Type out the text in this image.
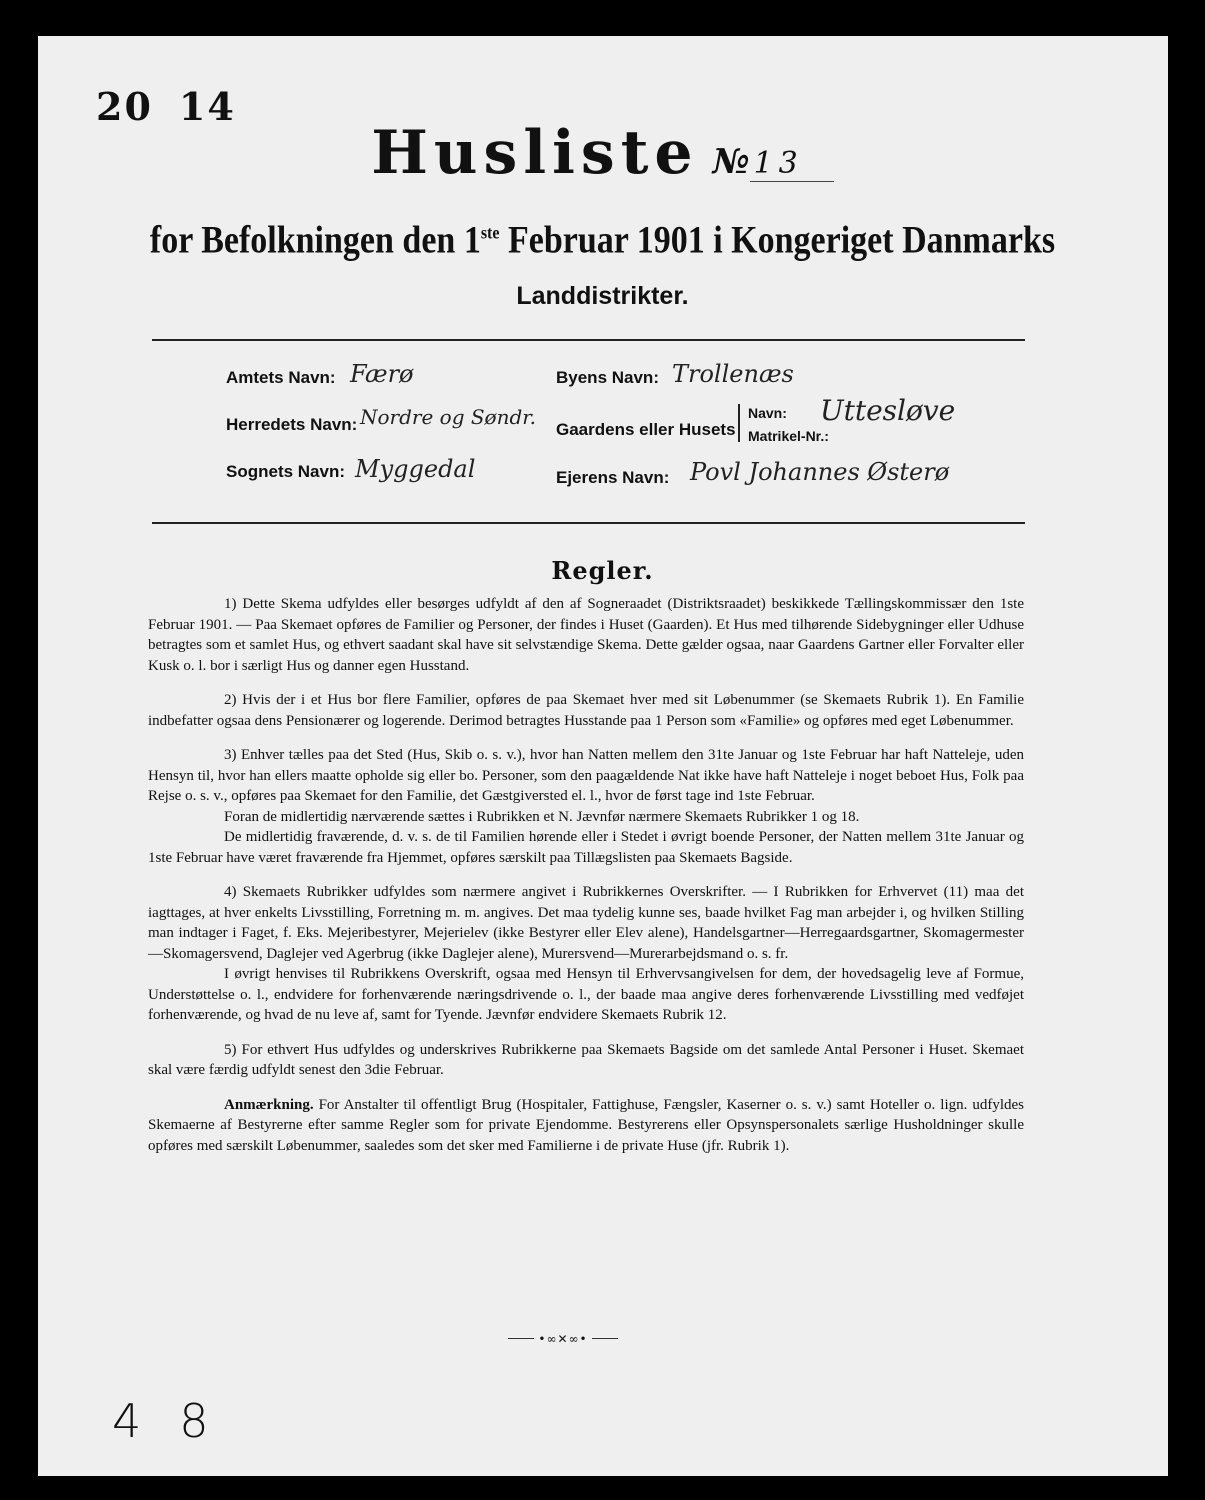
20 14
Husliste № 13
for Befolkningen den 1ste Februar 1901 i Kongeriget Danmarks
Landdistrikter.
Amtets Navn: Færø
Herredets Navn: Nordre og Søndr.
Sognets Navn: Myggedal
Byens Navn: Trollenæs
Gaardens eller Husets
Navn: Uttesløve
Matrikel-Nr.:
Ejerens Navn: Povl Johannes Østerø
Regler.

1) Dette Skema udfyldes eller besørges udfyldt af den af Sogneraadet (Distriktsraadet) beskikkede Tællingskommissær den 1ste Februar 1901. — Paa Skemaet opføres de Familier og Personer, der findes i Huset (Gaarden). Et Hus med tilhørende Sidebygninger eller Udhuse betragtes som et samlet Hus, og ethvert saadant skal have sit selvstændige Skema. Dette gælder ogsaa, naar Gaardens Gartner eller Forvalter eller Kusk o. l. bor i særligt Hus og danner egen Husstand.

2) Hvis der i et Hus bor flere Familier, opføres de paa Skemaet hver med sit Løbenummer (se Skemaets Rubrik 1). En Familie indbefatter ogsaa dens Pensionærer og logerende. Derimod betragtes Husstande paa 1 Person som «Familie» og opføres med eget Løbenummer.

3) Enhver tælles paa det Sted (Hus, Skib o. s. v.), hvor han Natten mellem den 31te Januar og 1ste Februar har haft Natteleje, uden Hensyn til, hvor han ellers maatte opholde sig eller bo. Personer, som den paagældende Nat ikke have haft Natteleje i noget beboet Hus, Folk paa Rejse o. s. v., opføres paa Skemaet for den Familie, det Gæstgiversted el. l., hvor de først tage ind 1ste Februar.

Foran de midlertidig nærværende sættes i Rubrikken et N. Jævnfør nærmere Skemaets Rubrikker 1 og 18.

De midlertidig fraværende, d. v. s. de til Familien hørende eller i Stedet i øvrigt boende Personer, der Natten mellem 31te Januar og 1ste Februar have været fraværende fra Hjemmet, opføres særskilt paa Tillægslisten paa Skemaets Bagside.

4) Skemaets Rubrikker udfyldes som nærmere angivet i Rubrikkernes Overskrifter. — I Rubrikken for Erhvervet (11) maa det iagttages, at hver enkelts Livsstilling, Forretning m. m. angives. Det maa tydelig kunne ses, baade hvilket Fag man arbejder i, og hvilken Stilling man indtager i Faget, f. Eks. Mejeribestyrer, Mejerielev (ikke Bestyrer eller Elev alene), Handelsgartner—Herregaardsgartner, Skomagermester—Skomagersvend, Daglejer ved Agerbrug (ikke Daglejer alene), Murersvend—Murerarbejdsmand o. s. fr.

I øvrigt henvises til Rubrikkens Overskrift, ogsaa med Hensyn til Erhvervsangivelsen for dem, der hovedsagelig leve af Formue, Understøttelse o. l., endvidere for forhenværende næringsdrivende o. l., der baade maa angive deres forhenværende Livsstilling med vedføjet forhenværende, og hvad de nu leve af, samt for Tyende. Jævnfør endvidere Skemaets Rubrik 12.

5) For ethvert Hus udfyldes og underskrives Rubrikkerne paa Skemaets Bagside om det samlede Antal Personer i Huset. Skemaet skal være færdig udfyldt senest den 3die Februar.

Anmærkning. For Anstalter til offentligt Brug (Hospitaler, Fattighuse, Fængsler, Kaserner o. s. v.) samt Hoteller o. lign. udfyldes Skemaerne af Bestyrerne efter samme Regler som for private Ejendomme. Bestyrerens eller Opsynspersonalets særlige Husholdninger skulle opføres med særskilt Løbenummer, saaledes som det sker med Familierne i de private Huse (jfr. Rubrik 1).

•∞✕∞•
4 8
